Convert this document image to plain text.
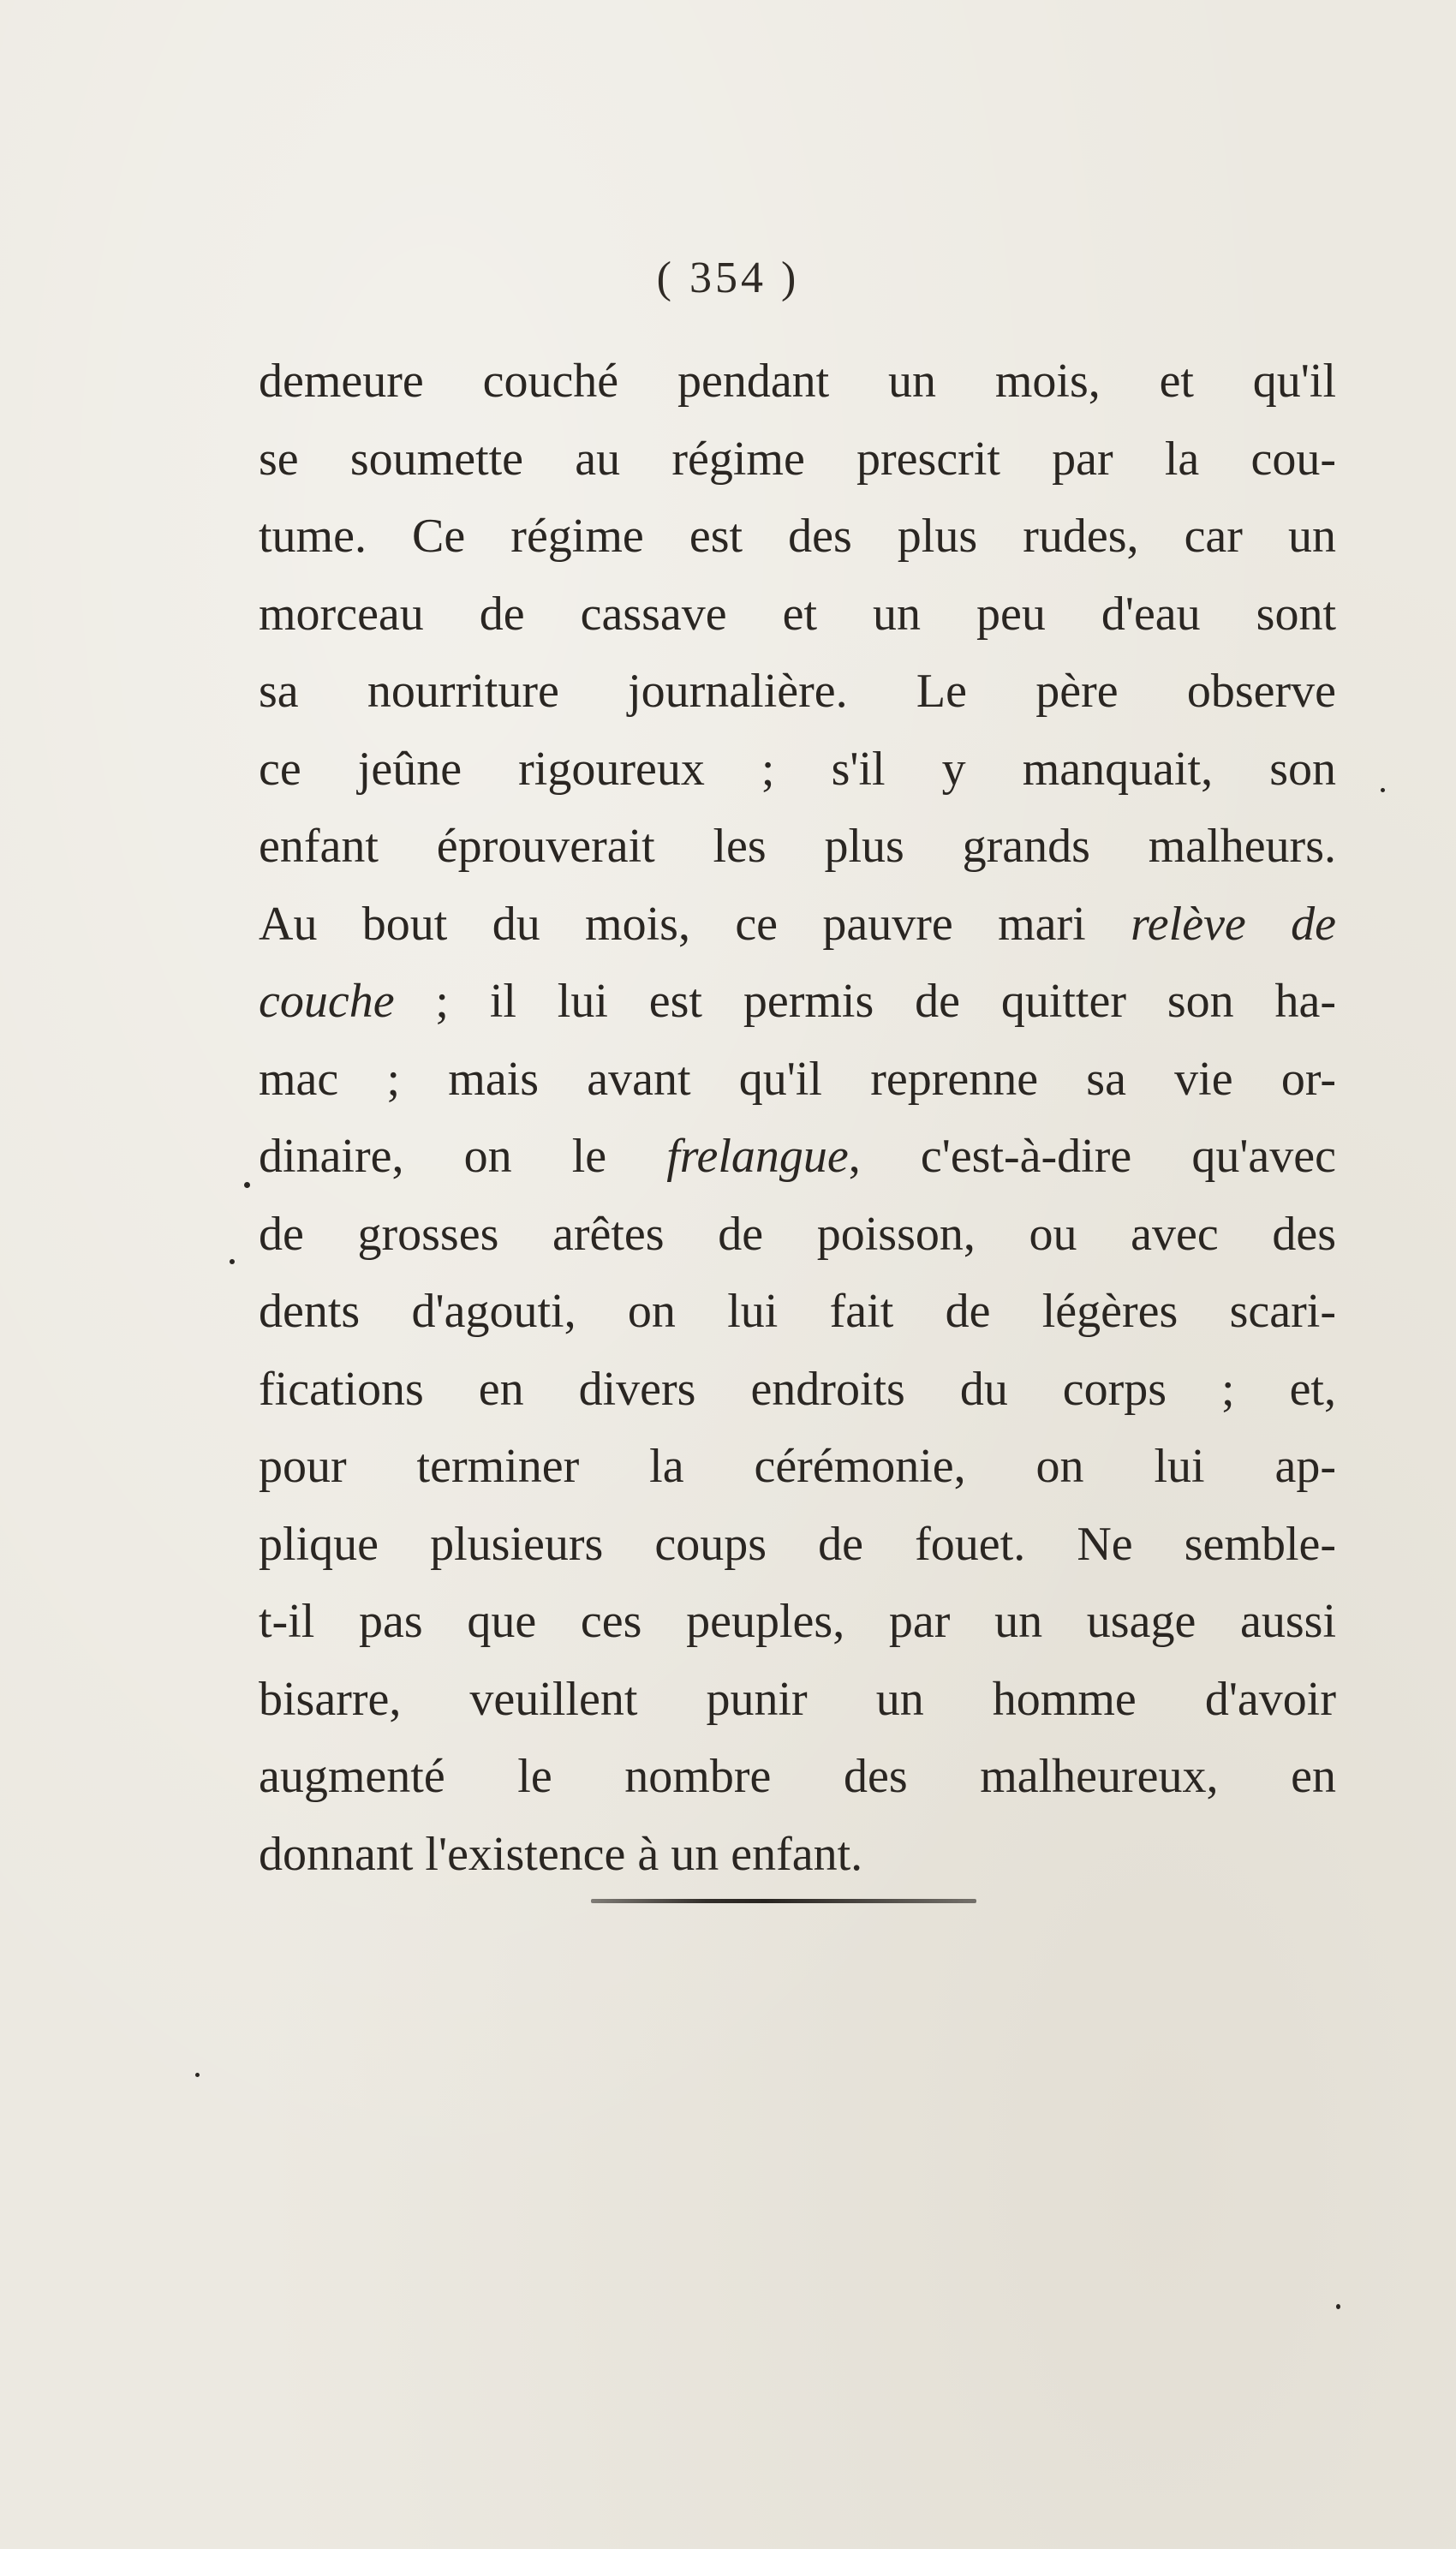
( 354 )
demeure couché pendant un mois, et qu'il
se soumette au régime prescrit par la cou-
tume. Ce régime est des plus rudes, car un
morceau de cassave et un peu d'eau sont
sa nourriture journalière. Le père observe
ce jeûne rigoureux ; s'il y manquait, son
enfant éprouverait les plus grands malheurs.
Au bout du mois, ce pauvre mari relève de
couche ; il lui est permis de quitter son ha-
mac ; mais avant qu'il reprenne sa vie or-
dinaire, on le frelangue, c'est-à-dire qu'avec
de grosses arêtes de poisson, ou avec des
dents d'agouti, on lui fait de légères scari-
fications en divers endroits du corps ; et,
pour terminer la cérémonie, on lui ap-
plique plusieurs coups de fouet. Ne semble-
t-il pas que ces peuples, par un usage aussi
bisarre, veuillent punir un homme d'avoir
augmenté le nombre des malheureux, en
donnant l'existence à un enfant.
